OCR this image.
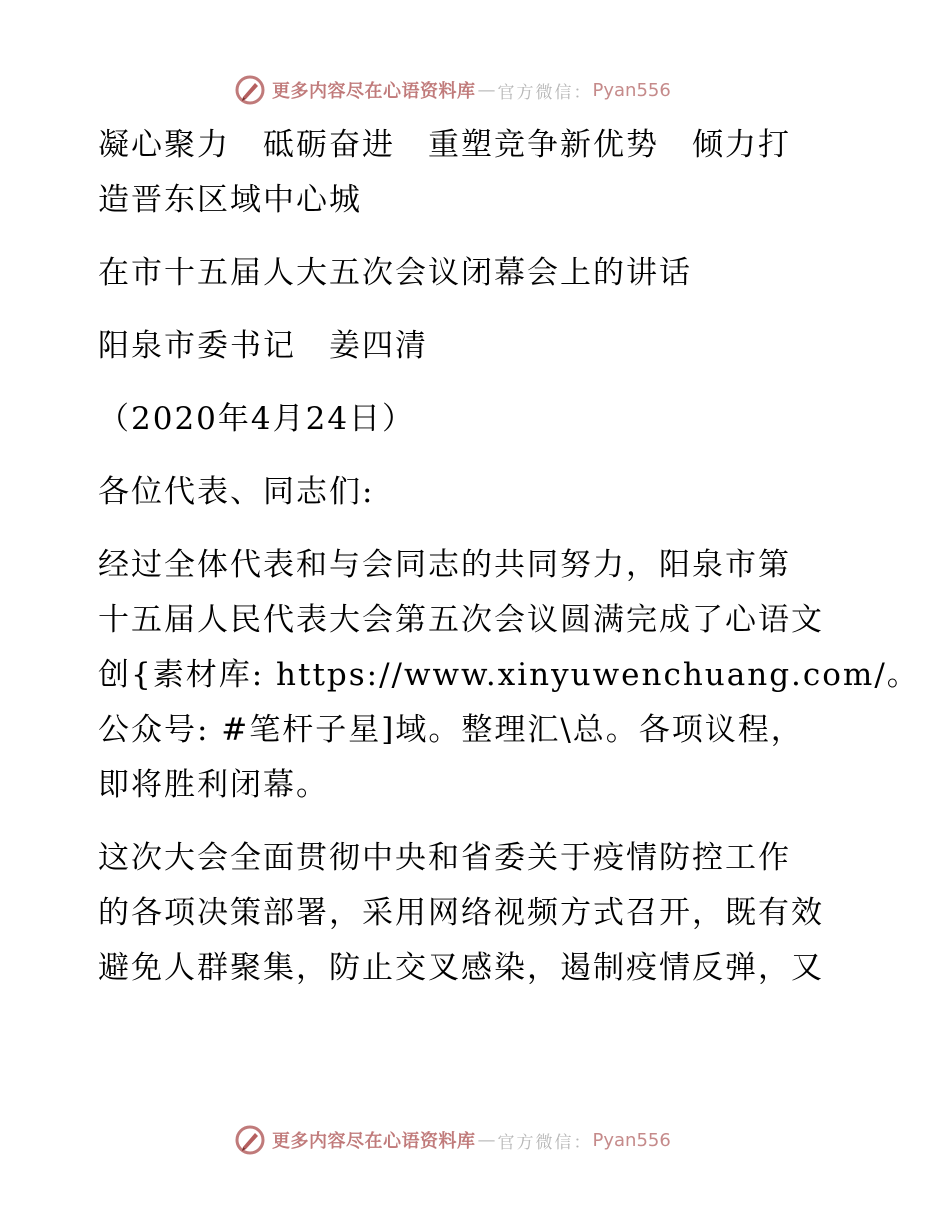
更多内容尽在心语资料库 — 官方微信： Pyan556
凝心聚力　砥砺奋进　重塑竞争新优势　倾力打
造晋东区域中心城
在市十五届人大五次会议闭幕会上的讲话
阳泉市委书记　姜四清
（2020年4月24日）
各位代表、同志们:
经过全体代表和与会同志的共同努力，阳泉市第
十五届人民代表大会第五次会议圆满完成了心语文
创{素材库: https://www.xinyuwenchuang.com/。
公众号: #笔杆子星]域。整理汇\总。各项议程，
即将胜利闭幕。
这次大会全面贯彻中央和省委关于疫情防控工作
的各项决策部署，采用网络视频方式召开，既有效
避免人群聚集，防止交叉感染，遏制疫情反弹，又
更多内容尽在心语资料库 — 官方微信： Pyan556
